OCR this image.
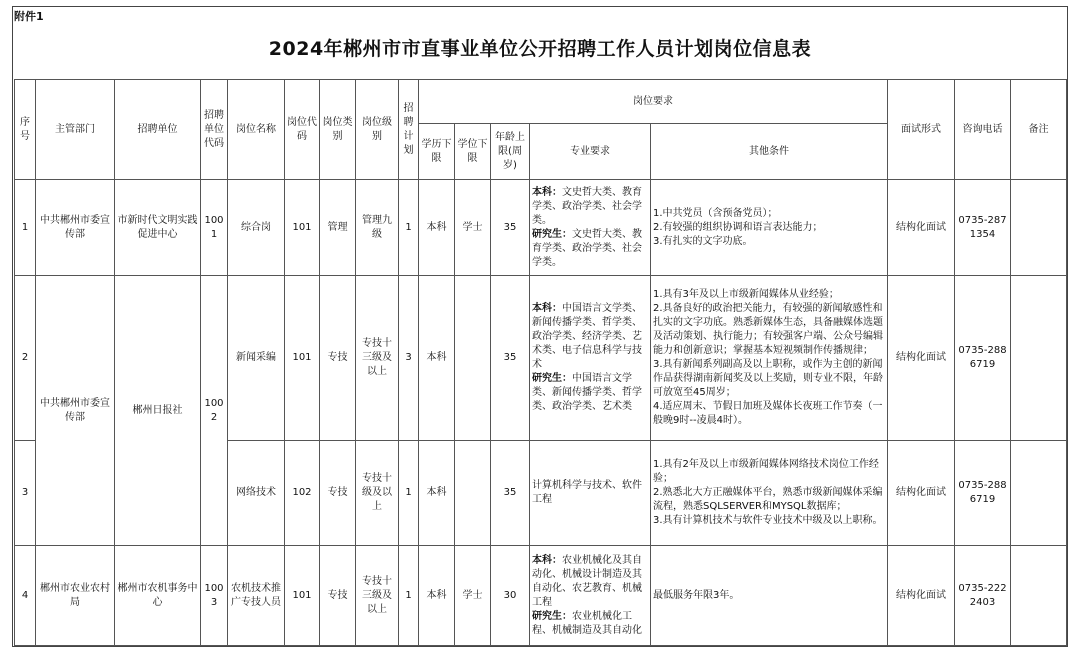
附件1
2024年郴州市市直事业单位公开招聘工作人员计划岗位信息表
序号	主管部门	招聘单位	招聘单位代码	岗位名称	岗位代码	岗位类别	岗位级别	招聘计划	岗位要求					面试形式	咨询电话	备注
									学历下限	学位下限	年龄上限(周岁)	专业要求	其他条件			
1	中共郴州市委宣传部	市新时代文明实践促进中心	1001	综合岗	101	管理	管理九级	1	本科	学士	35	本科：文史哲大类、教育学类、政治学类、社会学类。
研究生：文史哲大类、教育学类、政治学类、社会学类。	1.中共党员（含预备党员）；
2.有较强的组织协调和语言表达能力；
3.有扎实的文字功底。	结构化面试	0735-2871354	
2	中共郴州市委宣传部	郴州日报社	1002	新闻采编	101	专技	专技十三级及以上	3	本科		35	本科：中国语言文学类、新闻传播学类、哲学类、政治学类、经济学类、艺术类、电子信息科学与技术
研究生：中国语言文学类、新闻传播学类、哲学类、政治学类、艺术类	1.具有3年及以上市级新闻媒体从业经验；
2.具备良好的政治把关能力，有较强的新闻敏感性和扎实的文字功底。熟悉新媒体生态，具备融媒体选题及活动策划、执行能力；有较强客户端、公众号编辑能力和创新意识；掌握基本短视频制作传播规律；
3.具有新闻系列副高及以上职称，或作为主创的新闻作品获得湖南新闻奖及以上奖励，则专业不限，年龄可放宽至45周岁；
4.适应周末、节假日加班及媒体长夜班工作节奏（一般晚9时--凌晨4时）。	结构化面试	0735-2886719	
3				网络技术	102	专技	专技十级及以上	1	本科		35	计算机科学与技术、软件工程	1.具有2年及以上市级新闻媒体网络技术岗位工作经验；
2.熟悉北大方正融媒体平台，熟悉市级新闻媒体采编流程，熟悉SQLSERVER和MYSQL数据库；
3.具有计算机技术与软件专业技术中级及以上职称。	结构化面试	0735-2886719	
4	郴州市农业农村局	郴州市农机事务中心	1003	农机技术推广专技人员	101	专技	专技十三级及以上	1	本科	学士	30	本科：农业机械化及其自动化、机械设计制造及其自动化、农艺教育、机械工程
研究生：农业机械化工程、机械制造及其自动化	最低服务年限3年。	结构化面试	0735-2222403	
